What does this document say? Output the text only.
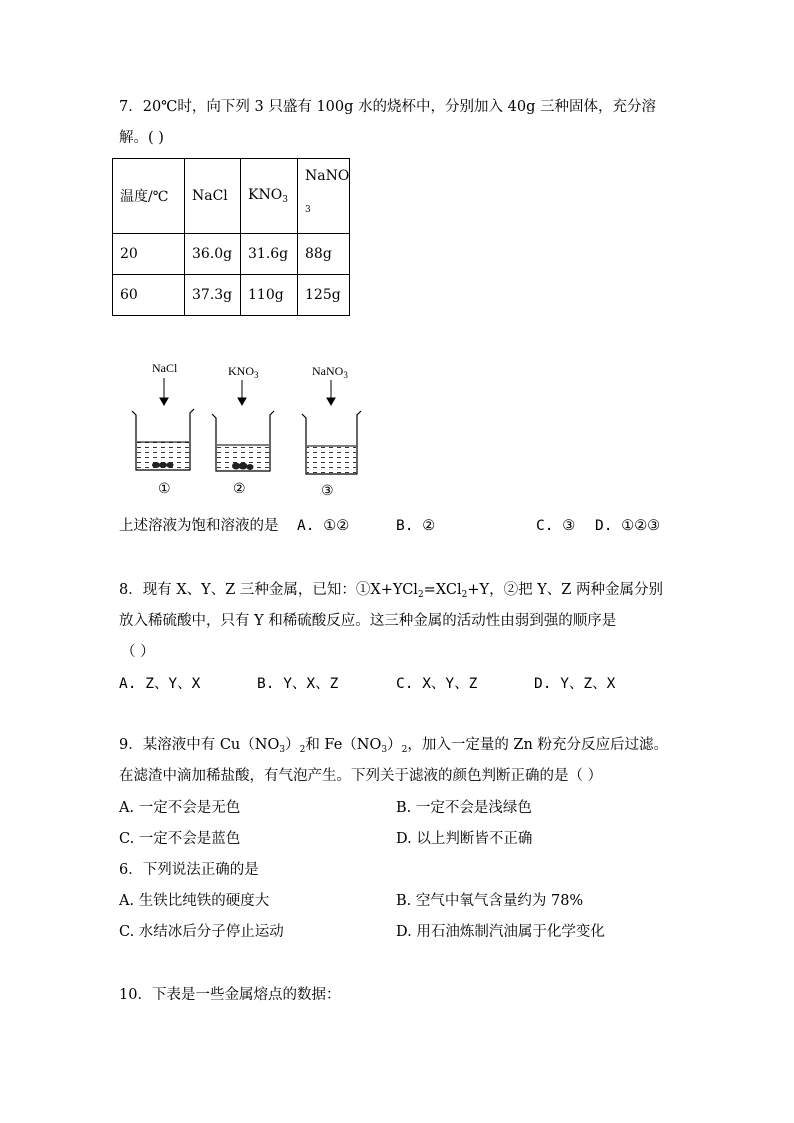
7．20℃时，向下列 3 只盛有 100g 水的烧杯中，分别加入 40g 三种固体，充分溶
解。( )
温度/℃	NaCl	$KNO_3$	NaNO
$_3$
20	36.0g	31.6g	88g
60	37.3g	110g	125g
NaCl	$KNO_3$	NaNO$_3$
①	②	③
上述溶液为饱和溶液的是 A. ①②	B. ②	C. ③ D. ①②③
8．现有 X、Y、Z 三种金属，已知：①X+YCl$_2$=XCl$_2$+Y，②把 Y、Z 两种金属分别
放入稀硫酸中，只有 Y 和稀硫酸反应。这三种金属的活动性由弱到强的顺序是
（ ）
A. Z、Y、X	B. Y、X、Z	C. X、Y、Z	D. Y、Z、X
9．某溶液中有 $Cu(NO_3)_2$和 $Fe(NO_3)_2$，加入一定量的 Zn 粉充分反应后过滤。
在滤渣中滴加稀盐酸，有气泡产生。下列关于滤液的颜色判断正确的是（ ）
A. 一定不会是无色	B. 一定不会是浅绿色
C. 一定不会是蓝色	D. 以上判断皆不正确
6．下列说法正确的是
A. 生铁比纯铁的硬度大	B. 空气中氧气含量约为 78%
C. 水结冰后分子停止运动	D. 用石油炼制汽油属于化学变化
10．下表是一些金属熔点的数据：
